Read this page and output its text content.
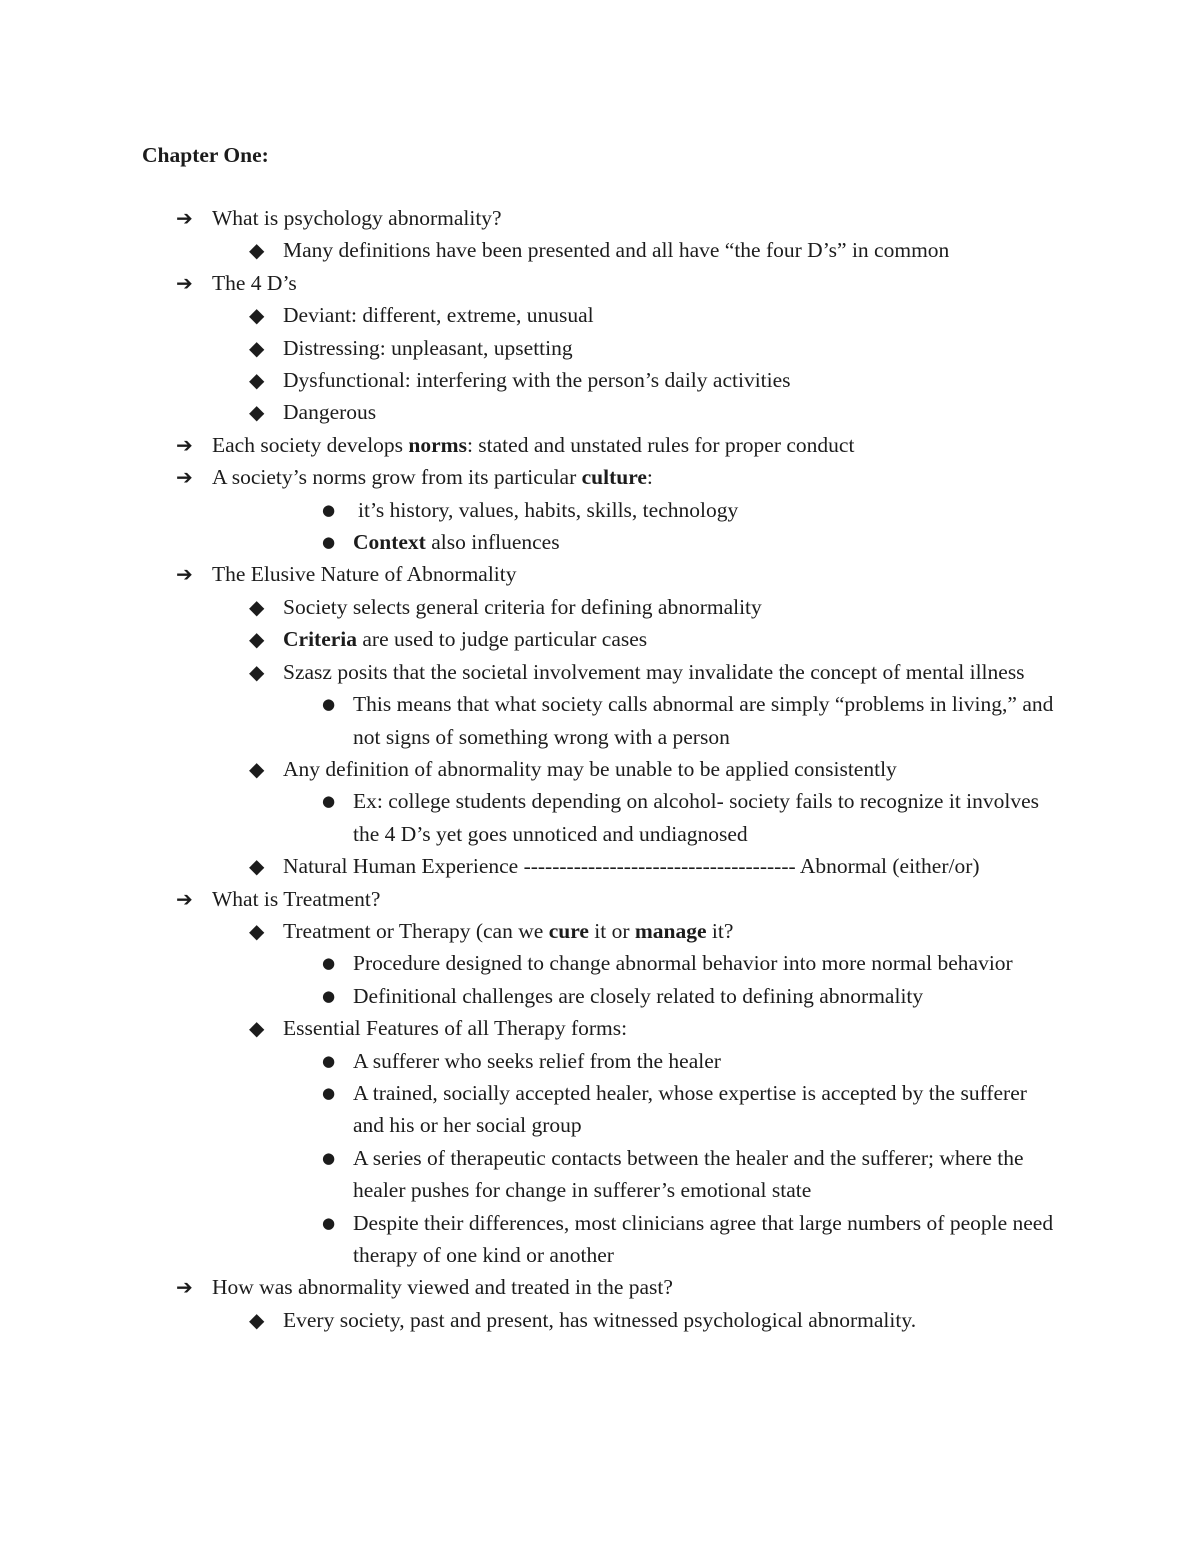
Chapter One:
➔ What is psychology abnormality?
◆ Many definitions have been presented and all have “the four D’s” in common
➔ The 4 D’s
◆ Deviant: different, extreme, unusual
◆ Distressing: unpleasant, upsetting
◆ Dysfunctional: interfering with the person’s daily activities
◆ Dangerous
➔ Each society develops norms: stated and unstated rules for proper conduct
➔ A society’s norms grow from its particular culture:
● it’s history, values, habits, skills, technology
● Context also influences
➔ The Elusive Nature of Abnormality
◆ Society selects general criteria for defining abnormality
◆ Criteria are used to judge particular cases
◆ Szasz posits that the societal involvement may invalidate the concept of mental illness
● This means that what society calls abnormal are simply “problems in living,” and not signs of something wrong with a person
◆ Any definition of abnormality may be unable to be applied consistently
● Ex: college students depending on alcohol- society fails to recognize it involves the 4 D’s yet goes unnoticed and undiagnosed
◆ Natural Human Experience -------------------------------------- Abnormal (either/or)
➔ What is Treatment?
◆ Treatment or Therapy (can we cure it or manage it?
● Procedure designed to change abnormal behavior into more normal behavior
● Definitional challenges are closely related to defining abnormality
◆ Essential Features of all Therapy forms:
● A sufferer who seeks relief from the healer
● A trained, socially accepted healer, whose expertise is accepted by the sufferer and his or her social group
● A series of therapeutic contacts between the healer and the sufferer; where the healer pushes for change in sufferer’s emotional state
● Despite their differences, most clinicians agree that large numbers of people need therapy of one kind or another
➔ How was abnormality viewed and treated in the past?
◆ Every society, past and present, has witnessed psychological abnormality.
